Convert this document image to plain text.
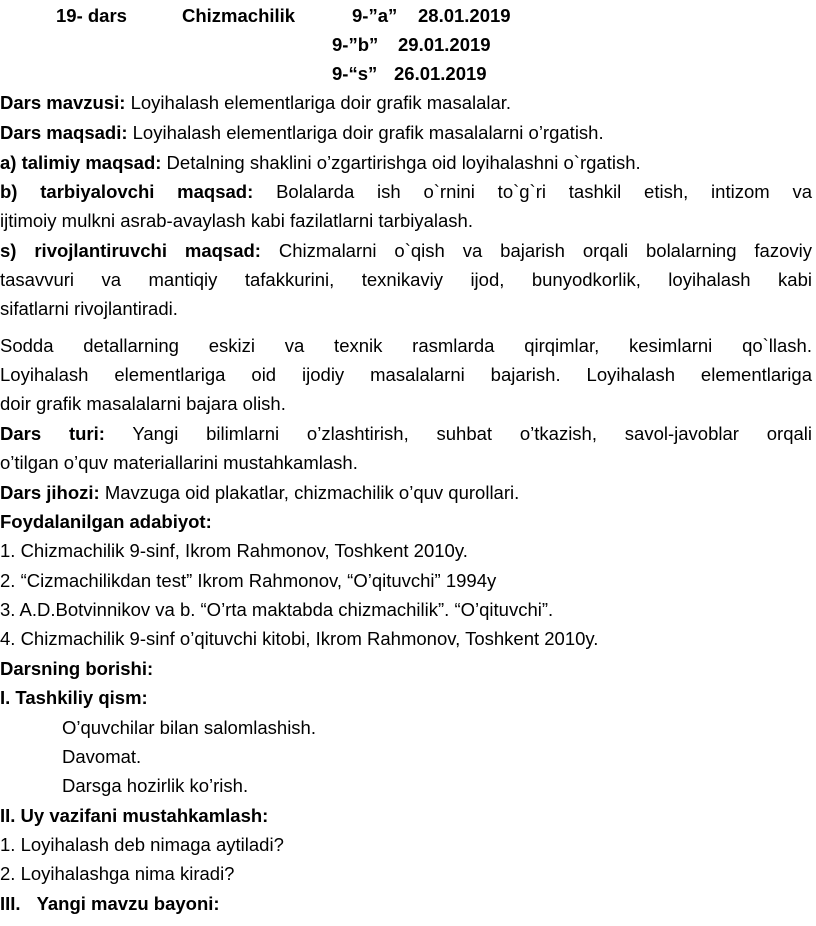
19- dars	Chizmachilik	9-”a” 28.01.2019
9-”b” 29.01.2019
9-“s” 26.01.2019
Dars mavzusi: Loyihalash elementlariga doir grafik masalalar.
Dars maqsadi: Loyihalash elementlariga doir grafik masalalarni o’rgatish.
a) talimiy maqsad: Detalning shaklini o’zgartirishga oid loyihalashni o`rgatish.
b) tarbiyalovchi maqsad: Bolalarda ish o`rnini to`g`ri tashkil etish, intizom va
ijtimoiy mulkni asrab-avaylash kabi fazilatlarni tarbiyalash.
s) rivojlantiruvchi maqsad: Chizmalarni o`qish va bajarish orqali bolalarning fazoviy
tasavvuri va mantiqiy tafakkurini, texnikaviy ijod, bunyodkorlik, loyihalash kabi
sifatlarni rivojlantiradi.
Sodda detallarning eskizi va texnik rasmlarda qirqimlar, kesimlarni qo`llash.
Loyihalash elementlariga oid ijodiy masalalarni bajarish. Loyihalash elementlariga
doir grafik masalalarni bajara olish.
Dars turi: Yangi bilimlarni o’zlashtirish, suhbat o’tkazish, savol-javoblar orqali
o’tilgan o’quv materiallarini mustahkamlash.
Dars jihozi: Mavzuga oid plakatlar, chizmachilik o’quv qurollari.
Foydalanilgan adabiyot:
1. Chizmachilik 9-sinf, Ikrom Rahmonov, Toshkent 2010y.
2. “Cizmachilikdan test” Ikrom Rahmonov, “O’qituvchi” 1994y
3. A.D.Botvinnikov va b. “O’rta maktabda chizmachilik”. “O’qituvchi”.
4. Chizmachilik 9-sinf o’qituvchi kitobi, Ikrom Rahmonov, Toshkent 2010y.
Darsning borishi:
I. Tashkiliy qism:
O’quvchilar bilan salomlashish.
Davomat.
Darsga hozirlik ko’rish.
II. Uy vazifani mustahkamlash:
1. Loyihalash deb nimaga aytiladi?
2. Loyihalashga nima kiradi?
III. Yangi mavzu bayoni:
